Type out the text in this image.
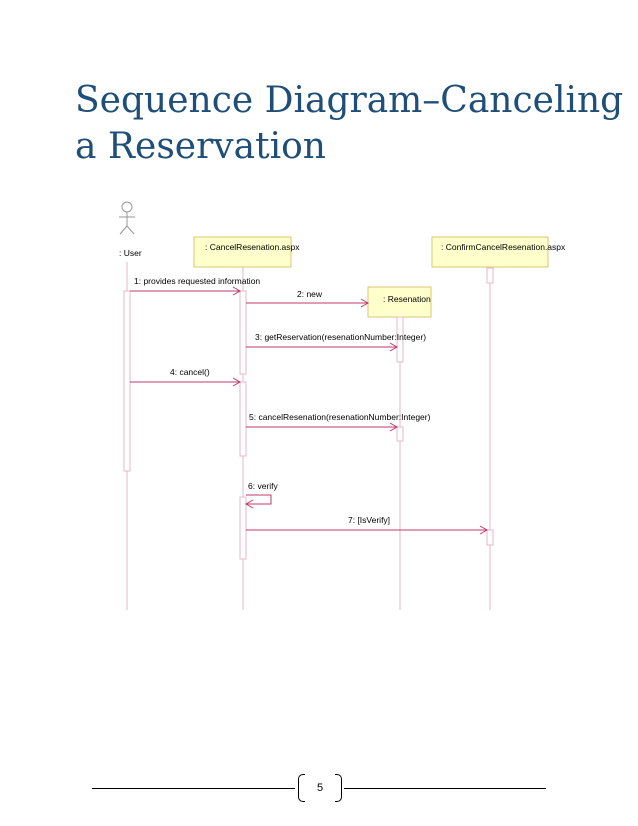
Sequence Diagram–Canceling
a Reservation
: User
: CancelResenation.aspx	: ConfirmCancelResenation.aspx
: Resenation
1: provides requested information
2: new
3: getReservation(resenationNumber:Integer)
4: cancel()
5: cancelResenation(resenationNumber:Integer)
6: verify
7: [IsVerify]
5
